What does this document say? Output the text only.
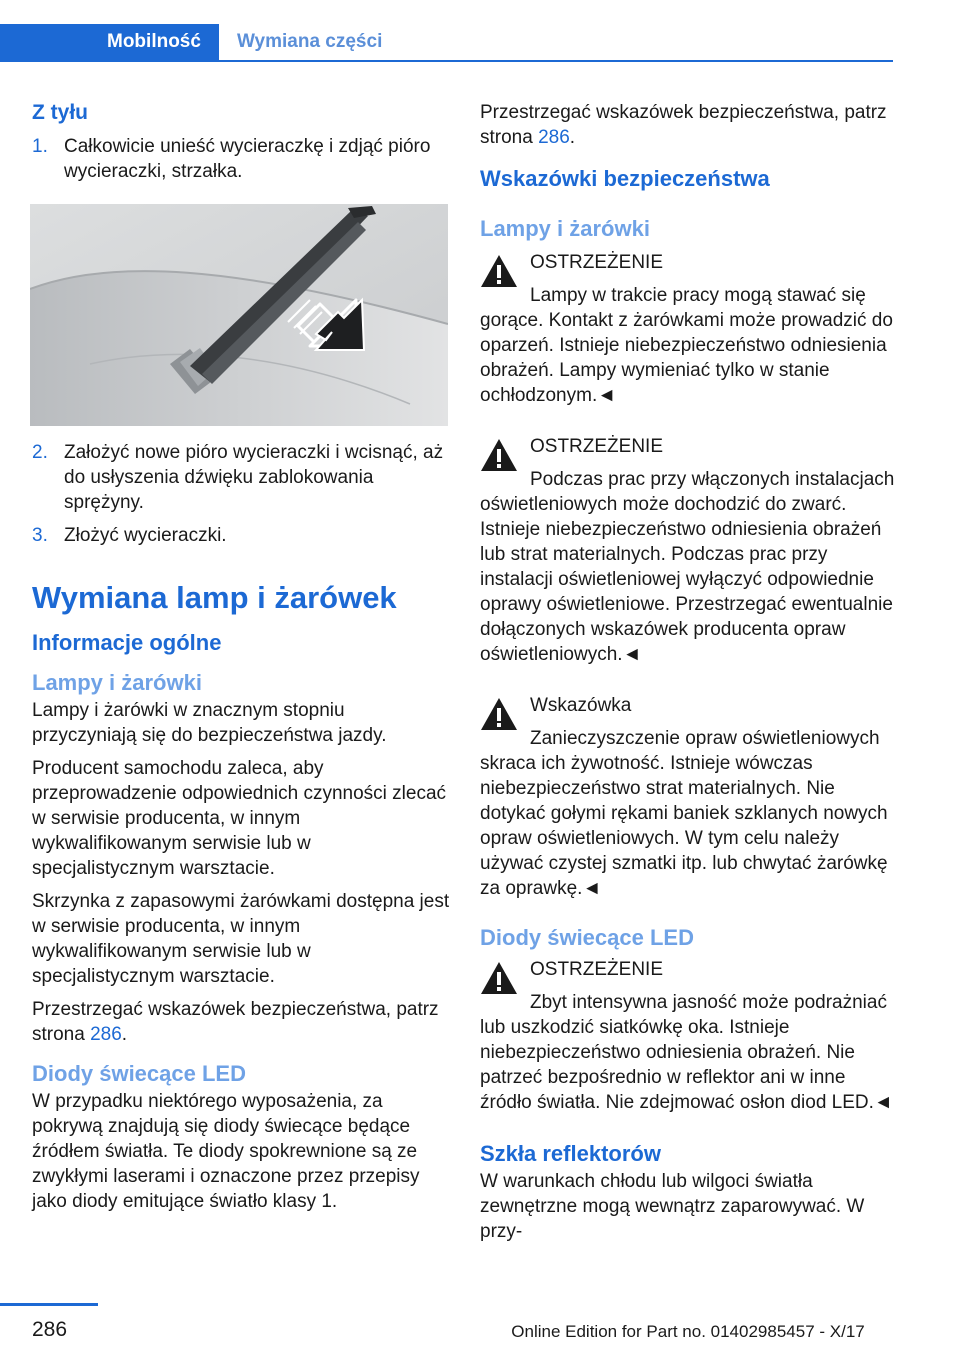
Mobilność	Wymiana części
Z tyłu
1. Całkowicie unieść wycieraczkę i zdjąć pióro wycieraczki, strzałka.
2. Założyć nowe pióro wycieraczki i wcisnąć, aż do usłyszenia dźwięku zablokowania sprężyny.
3. Złożyć wycieraczki.
Wymiana lamp i żarówek
Informacje ogólne
Lampy i żarówki

Lampy i żarówki w znacznym stopniu przyczyniają się do bezpieczeństwa jazdy.

Producent samochodu zaleca, aby przeprowadzenie odpowiednich czynności zlecać w serwisie producenta, w innym wykwalifikowanym serwisie lub w specjalistycznym warsztacie.

Skrzynka z zapasowymi żarówkami dostępna jest w serwisie producenta, w innym wykwalifikowanym serwisie lub w specjalistycznym warsztacie.

Przestrzegać wskazówek bezpieczeństwa, patrz strona 286.

Diody świecące LED

W przypadku niektórego wyposażenia, za pokrywą znajdują się diody świecące będące źródłem światła. Te diody spokrewnione są ze zwykłymi laserami i oznaczone przez przepisy jako diody emitujące światło klasy 1.

Przestrzegać wskazówek bezpieczeństwa, patrz strona 286.

Wskazówki bezpieczeństwa
Lampy i żarówki
OSTRZEŻENIE
Lampy w trakcie pracy mogą stawać się gorące. Kontakt z żarówkami może prowadzić do oparzeń. Istnieje niebezpieczeństwo odniesienia obrażeń. Lampy wymieniać tylko w stanie ochłodzonym.◄
OSTRZEŻENIE
Podczas prac przy włączonych instalacjach oświetleniowych może dochodzić do zwarć. Istnieje niebezpieczeństwo odniesienia obrażeń lub strat materialnych. Podczas prac przy instalacji oświetleniowej wyłączyć odpowiednie oprawy oświetleniowe. Przestrzegać ewentualnie dołączonych wskazówek producenta opraw oświetleniowych.◄
Wskazówka
Zanieczyszczenie opraw oświetleniowych skraca ich żywotność. Istnieje wówczas niebezpieczeństwo strat materialnych. Nie dotykać gołymi rękami baniek szklanych nowych opraw oświetleniowych. W tym celu należy używać czystej szmatki itp. lub chwytać żarówkę za oprawkę.◄
Diody świecące LED
OSTRZEŻENIE
Zbyt intensywna jasność może podrażniać lub uszkodzić siatkówkę oka. Istnieje niebezpieczeństwo odniesienia obrażeń. Nie patrzeć bezpośrednio w reflektor ani w inne źródło światła. Nie zdejmować osłon diod LED.◄
Szkła reflektorów

W warunkach chłodu lub wilgoci światła zewnętrzne mogą wewnątrz zaparowywać. W przy-

286	Online Edition for Part no. 01402985457 - X/17
